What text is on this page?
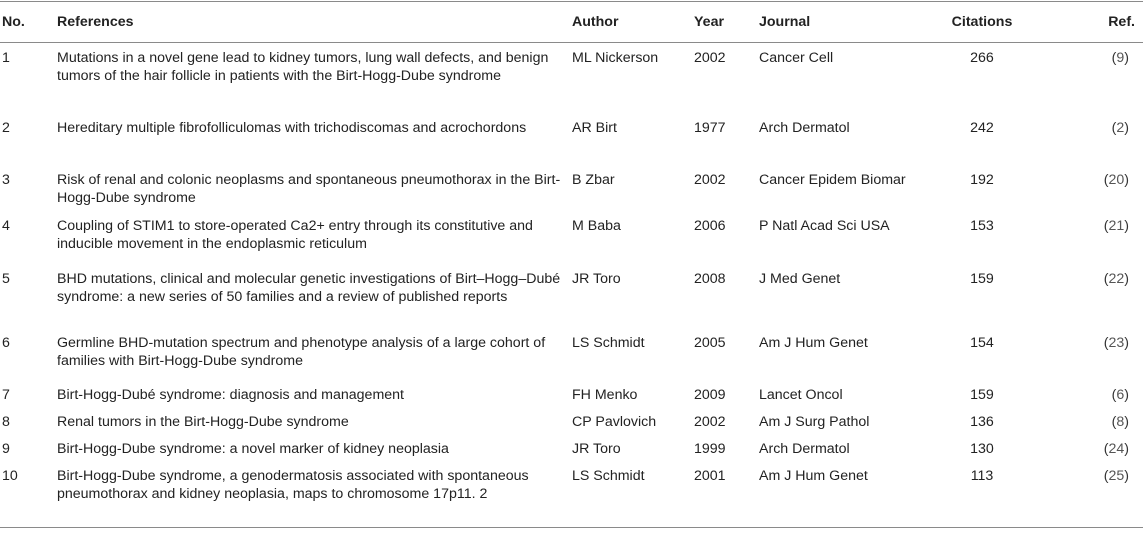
No.	References	Author	Year	Journal	Citations	Ref.
1	Mutations in a novel gene lead to kidney tumors, lung wall defects, and benign tumors of the hair follicle in patients with the Birt-Hogg-Dube syndrome	ML Nickerson	2002	Cancer Cell	266	(9)
2	Hereditary multiple fibrofolliculomas with trichodiscomas and acrochordons	AR Birt	1977	Arch Dermatol	242	(2)
3	Risk of renal and colonic neoplasms and spontaneous pneumothorax in the Birt-Hogg-Dube syndrome	B Zbar	2002	Cancer Epidem Biomar	192	(20)
4	Coupling of STIM1 to store-operated Ca2+ entry through its constitutive and inducible movement in the endoplasmic reticulum	M Baba	2006	P Natl Acad Sci USA	153	(21)
5	BHD mutations, clinical and molecular genetic investigations of Birt–Hogg–Dubé syndrome: a new series of 50 families and a review of published reports	JR Toro	2008	J Med Genet	159	(22)
6	Germline BHD-mutation spectrum and phenotype analysis of a large cohort of families with Birt-Hogg-Dube syndrome	LS Schmidt	2005	Am J Hum Genet	154	(23)
7	Birt-Hogg-Dubé syndrome: diagnosis and management	FH Menko	2009	Lancet Oncol	159	(6)
8	Renal tumors in the Birt-Hogg-Dube syndrome	CP Pavlovich	2002	Am J Surg Pathol	136	(8)
9	Birt-Hogg-Dube syndrome: a novel marker of kidney neoplasia	JR Toro	1999	Arch Dermatol	130	(24)
10	Birt-Hogg-Dube syndrome, a genodermatosis associated with spontaneous pneumothorax and kidney neoplasia, maps to chromosome 17p11. 2	LS Schmidt	2001	Am J Hum Genet	113	(25)
